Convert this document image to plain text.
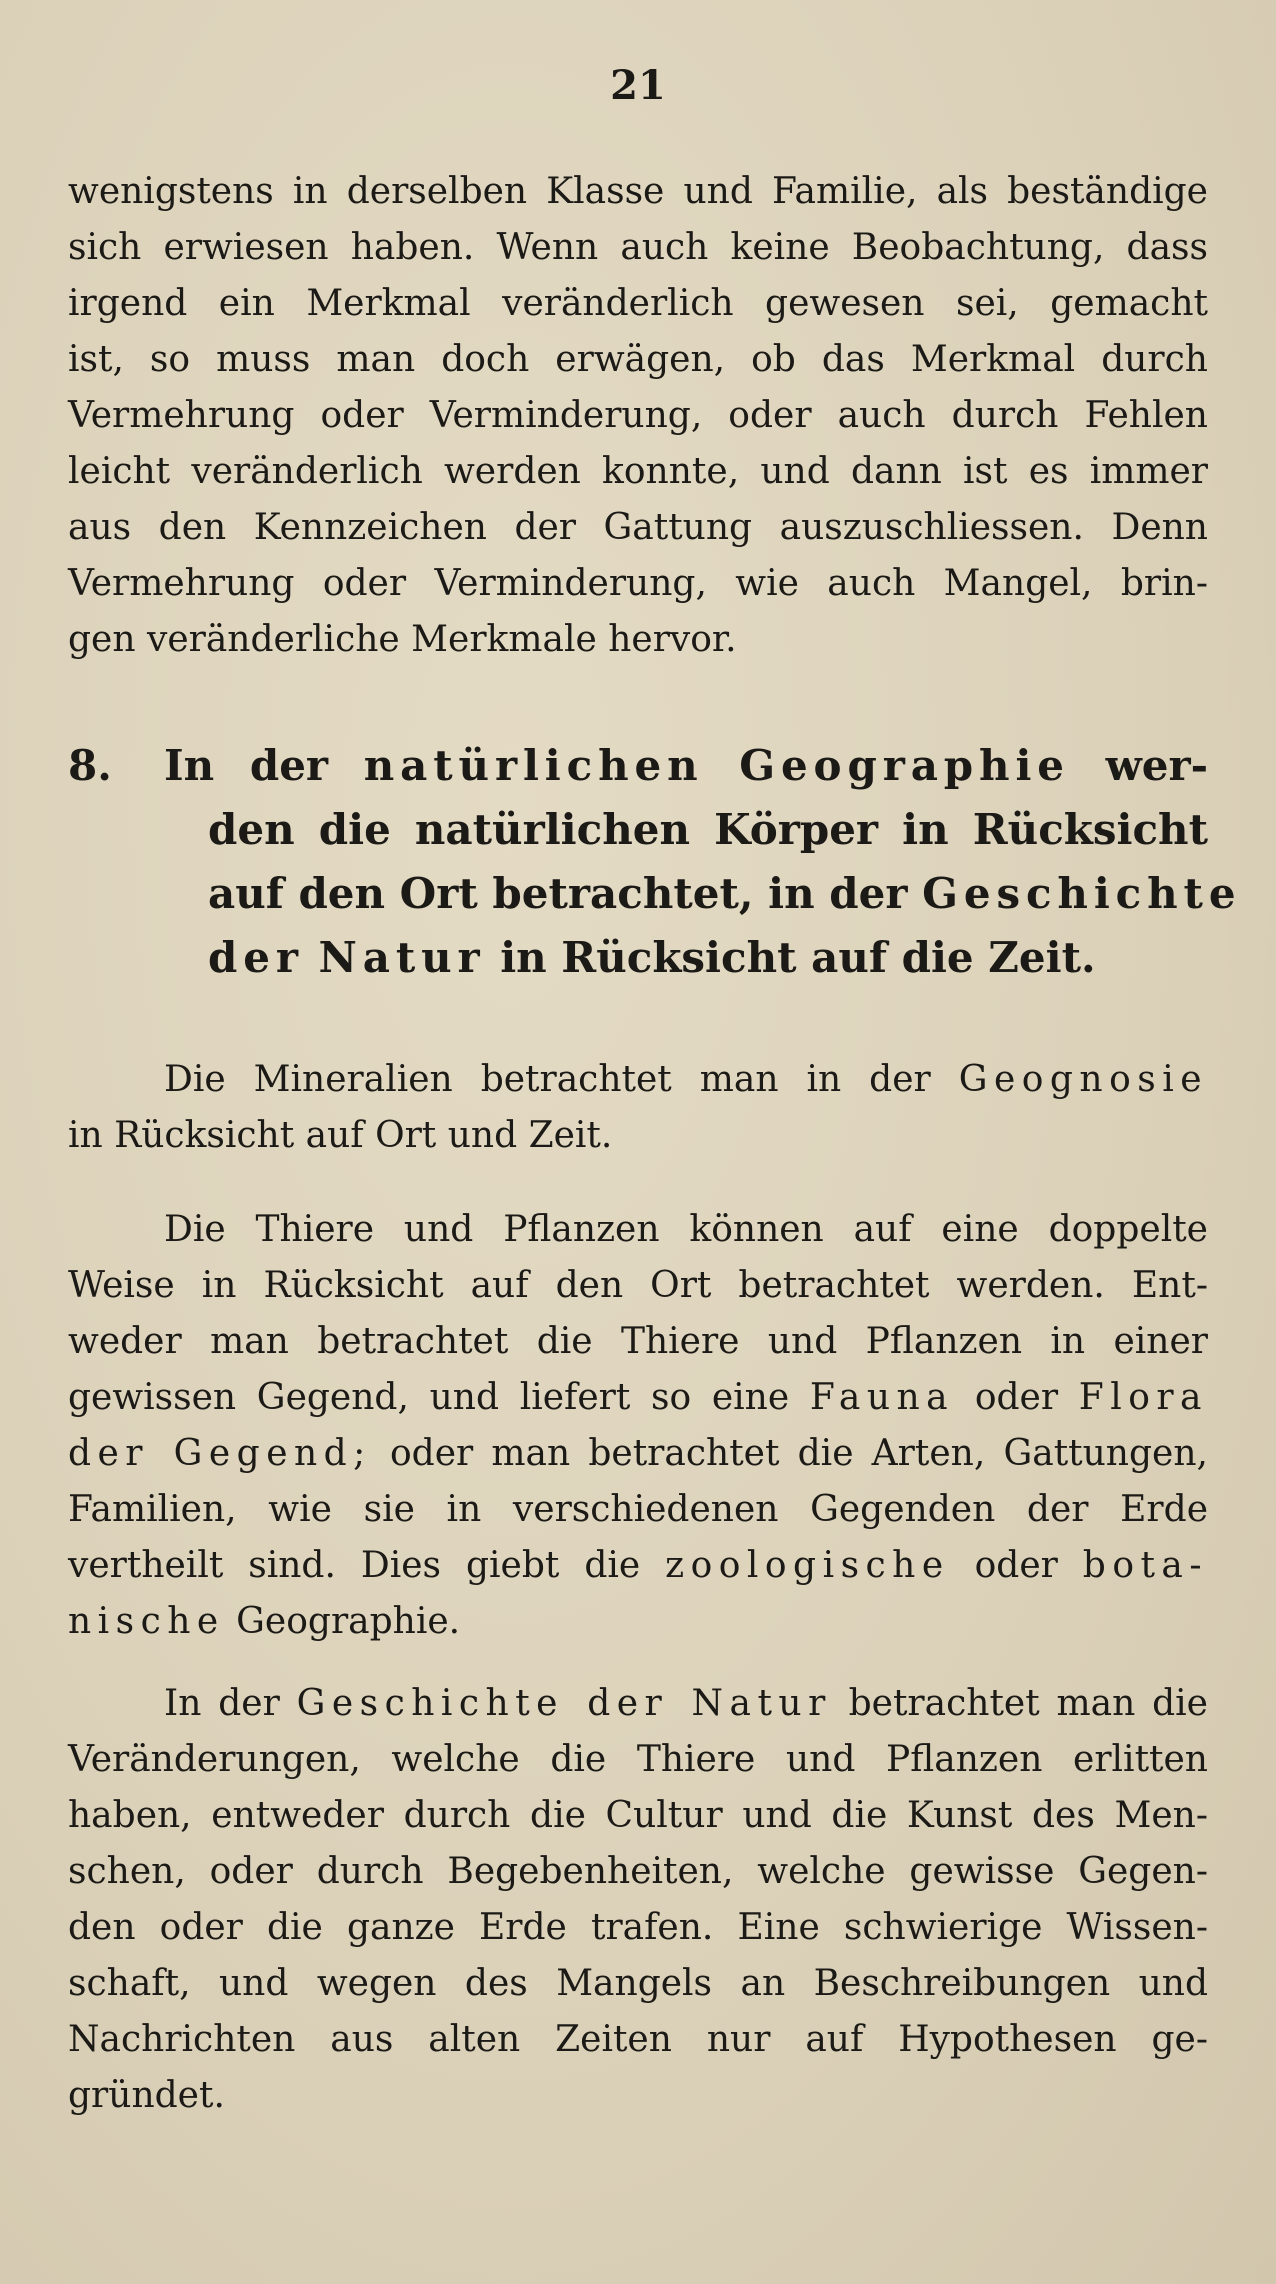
21
wenigstens in derselben Klasse und Familie, als beständige
sich erwiesen haben. Wenn auch keine Beobachtung, dass
irgend ein Merkmal veränderlich gewesen sei, gemacht
ist, so muss man doch erwägen, ob das Merkmal durch
Vermehrung oder Verminderung, oder auch durch Fehlen
leicht veränderlich werden konnte, und dann ist es immer
aus den Kennzeichen der Gattung auszuschliessen. Denn
Vermehrung oder Verminderung, wie auch Mangel, brin-
gen veränderliche Merkmale hervor.
8. In der natürlichen Geographie wer-
den die natürlichen Körper in Rücksicht
auf den Ort betrachtet, in der Geschichte
der Natur in Rücksicht auf die Zeit.
Die Mineralien betrachtet man in der Geognosie
in Rücksicht auf Ort und Zeit.
Die Thiere und Pflanzen können auf eine doppelte
Weise in Rücksicht auf den Ort betrachtet werden. Ent-
weder man betrachtet die Thiere und Pflanzen in einer
gewissen Gegend, und liefert so eine Fauna oder Flora
der Gegend; oder man betrachtet die Arten, Gattungen,
Familien, wie sie in verschiedenen Gegenden der Erde
vertheilt sind. Dies giebt die zoologische oder bota-
nische Geographie.
In der Geschichte der Natur betrachtet man die
Veränderungen, welche die Thiere und Pflanzen erlitten
haben, entweder durch die Cultur und die Kunst des Men-
schen, oder durch Begebenheiten, welche gewisse Gegen-
den oder die ganze Erde trafen. Eine schwierige Wissen-
schaft, und wegen des Mangels an Beschreibungen und
Nachrichten aus alten Zeiten nur auf Hypothesen ge-
gründet.
